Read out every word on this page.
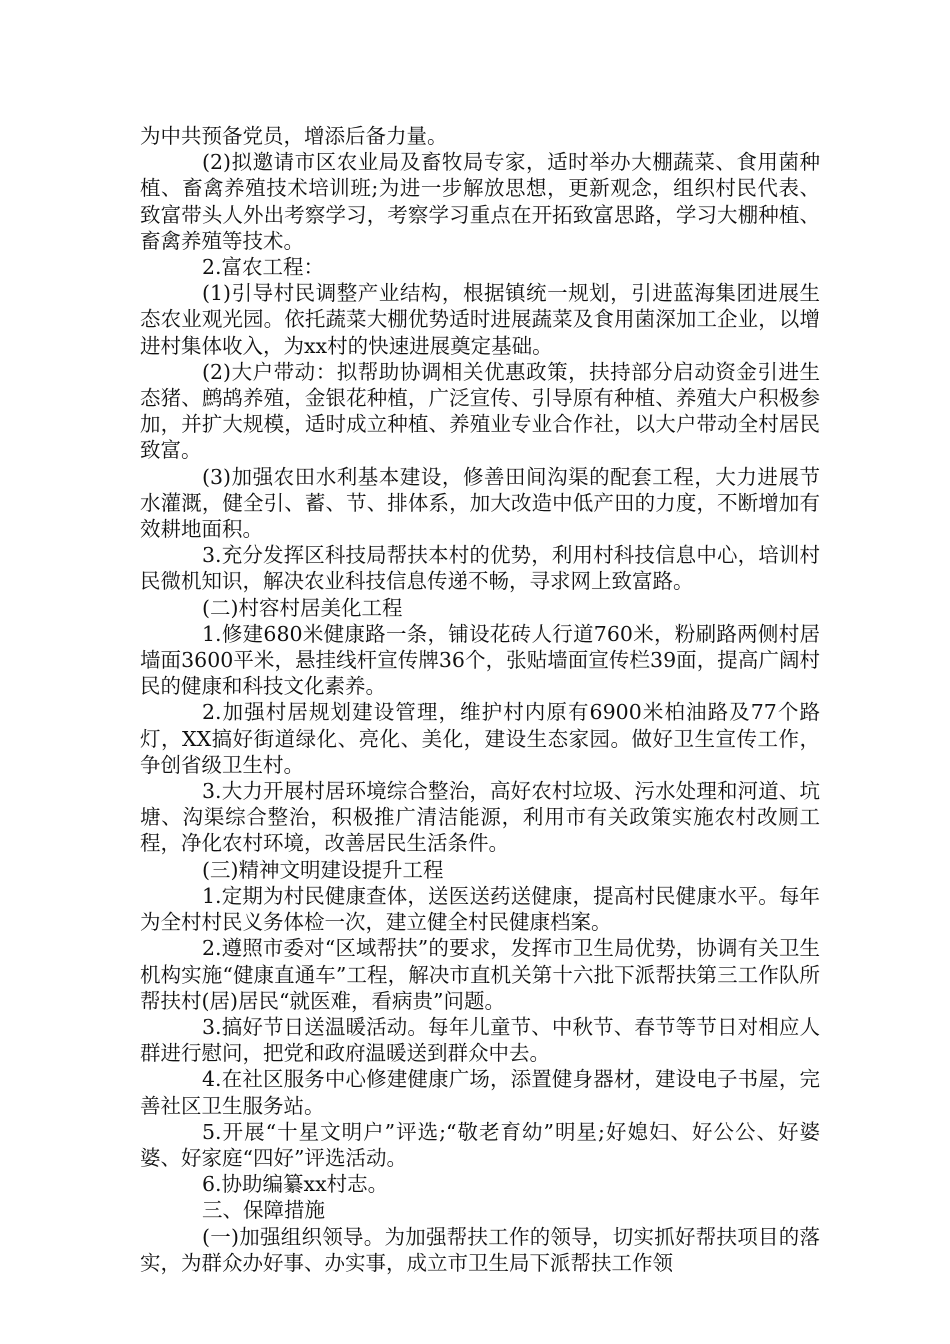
为中共预备党员，增添后备力量。

(2)拟邀请市区农业局及畜牧局专家，适时举办大棚蔬菜、食用菌种植、畜禽养殖技术培训班;为进一步解放思想，更新观念，组织村民代表、致富带头人外出考察学习，考察学习重点在开拓致富思路，学习大棚种植、畜禽养殖等技术。

2.富农工程：

(1)引导村民调整产业结构，根据镇统一规划，引进蓝海集团进展生态农业观光园。依托蔬菜大棚优势适时进展蔬菜及食用菌深加工企业，以增进村集体收入，为xx村的快速进展奠定基础。

(2)大户带动：拟帮助协调相关优惠政策，扶持部分启动资金引进生态猪、鹧鸪养殖，金银花种植，广泛宣传、引导原有种植、养殖大户积极参加，并扩大规模，适时成立种植、养殖业专业合作社，以大户带动全村居民致富。

(3)加强农田水利基本建设，修善田间沟渠的配套工程，大力进展节水灌溉，健全引、蓄、节、排体系，加大改造中低产田的力度，不断增加有效耕地面积。

3.充分发挥区科技局帮扶本村的优势，利用村科技信息中心，培训村民微机知识，解决农业科技信息传递不畅，寻求网上致富路。

(二)村容村居美化工程

1.修建680米健康路一条，铺设花砖人行道760米，粉刷路两侧村居墙面3600平米，悬挂线杆宣传牌36个，张贴墙面宣传栏39面，提高广阔村民的健康和科技文化素养。

2.加强村居规划建设管理，维护村内原有6900米柏油路及77个路灯，XX搞好街道绿化、亮化、美化，建设生态家园。做好卫生宣传工作，争创省级卫生村。

3.大力开展村居环境综合整治，高好农村垃圾、污水处理和河道、坑塘、沟渠综合整治，积极推广清洁能源，利用市有关政策实施农村改厕工程，净化农村环境，改善居民生活条件。

(三)精神文明建设提升工程

1.定期为村民健康查体，送医送药送健康，提高村民健康水平。每年为全村村民义务体检一次，建立健全村民健康档案。

2.遵照市委对“区域帮扶”的要求，发挥市卫生局优势，协调有关卫生机构实施“健康直通车”工程，解决市直机关第十六批下派帮扶第三工作队所帮扶村(居)居民“就医难，看病贵”问题。

3.搞好节日送温暖活动。每年儿童节、中秋节、春节等节日对相应人群进行慰问，把党和政府温暖送到群众中去。

4.在社区服务中心修建健康广场，添置健身器材，建设电子书屋，完善社区卫生服务站。

5.开展“十星文明户”评选;“敬老育幼”明星;好媳妇、好公公、好婆婆、好家庭“四好”评选活动。

6.协助编纂xx村志。

三、保障措施

(一)加强组织领导。为加强帮扶工作的领导，切实抓好帮扶项目的落实，为群众办好事、办实事，成立市卫生局下派帮扶工作领
